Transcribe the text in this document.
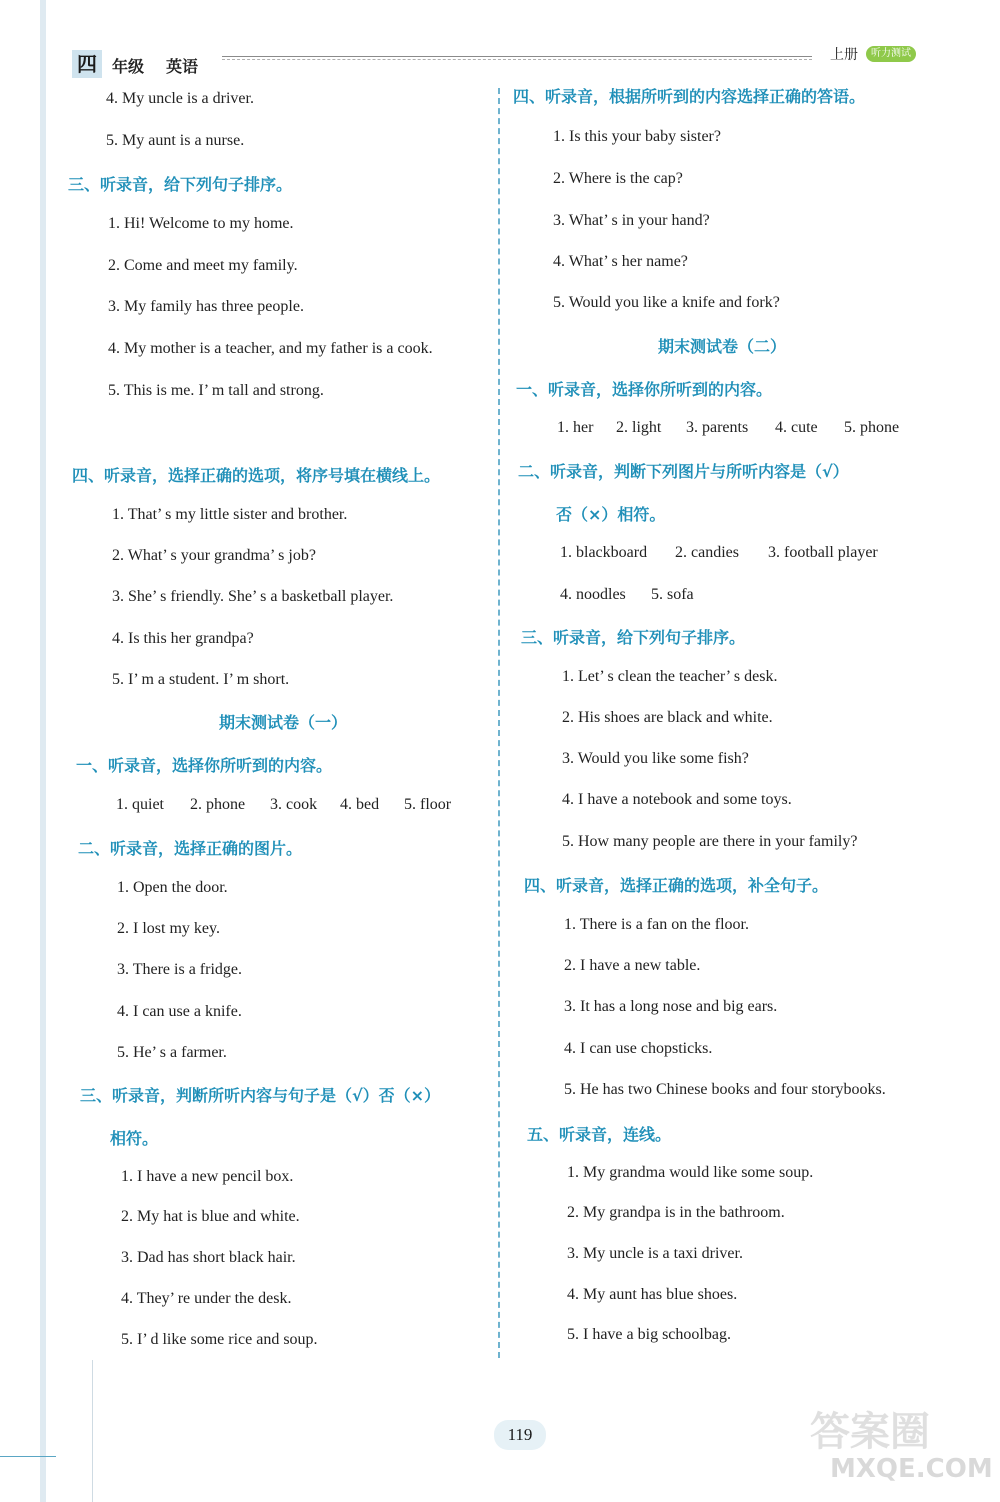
四 年级 英语
上册	听力测试
4. My uncle is a driver.
5. My aunt is a nurse.
三、听录音，给下列句子排序。
1. Hi! Welcome to my home.
2. Come and meet my family.
3. My family has three people.
4. My mother is a teacher, and my father is a cook.
5. This is me. I’ m tall and strong.
四、听录音，选择正确的选项，将序号填在横线上。
1. That’ s my little sister and brother.
2. What’ s your grandma’ s job?
3. She’ s friendly. She’ s a basketball player.
4. Is this her grandpa?
5. I’ m a student. I’ m short.
期末测试卷（一）
一、听录音，选择你所听到的内容。
1. quiet 2. phone 3. cook 4. bed 5. floor
二、听录音，选择正确的图片。
1. Open the door.
2. I lost my key.
3. There is a fridge.
4. I can use a knife.
5. He’ s a farmer.
三、听录音，判断所听内容与句子是（√）否（×）
相符。
1. I have a new pencil box.
2. My hat is blue and white.
3. Dad has short black hair.
4. They’ re under the desk.
5. I’ d like some rice and soup.
四、听录音，根据所听到的内容选择正确的答语。
1. Is this your baby sister?
2. Where is the cap?
3. What’ s in your hand?
4. What’ s her name?
5. Would you like a knife and fork?
期末测试卷（二）
一、听录音，选择你所听到的内容。
1. her 2. light 3. parents 4. cute 5. phone
二、听录音，判断下列图片与所听内容是（√）
否（×）相符。
1. blackboard 2. candies 3. football player
4. noodles 5. sofa
三、听录音，给下列句子排序。
1. Let’ s clean the teacher’ s desk.
2. His shoes are black and white.
3. Would you like some fish?
4. I have a notebook and some toys.
5. How many people are there in your family?
四、听录音，选择正确的选项，补全句子。
1. There is a fan on the floor.
2. I have a new table.
3. It has a long nose and big ears.
4. I can use chopsticks.
5. He has two Chinese books and four storybooks.
五、听录音，连线。
1. My grandma would like some soup.
2. My grandpa is in the bathroom.
3. My uncle is a taxi driver.
4. My aunt has blue shoes.
5. I have a big schoolbag.
119	答案圈
MXQE.COM
